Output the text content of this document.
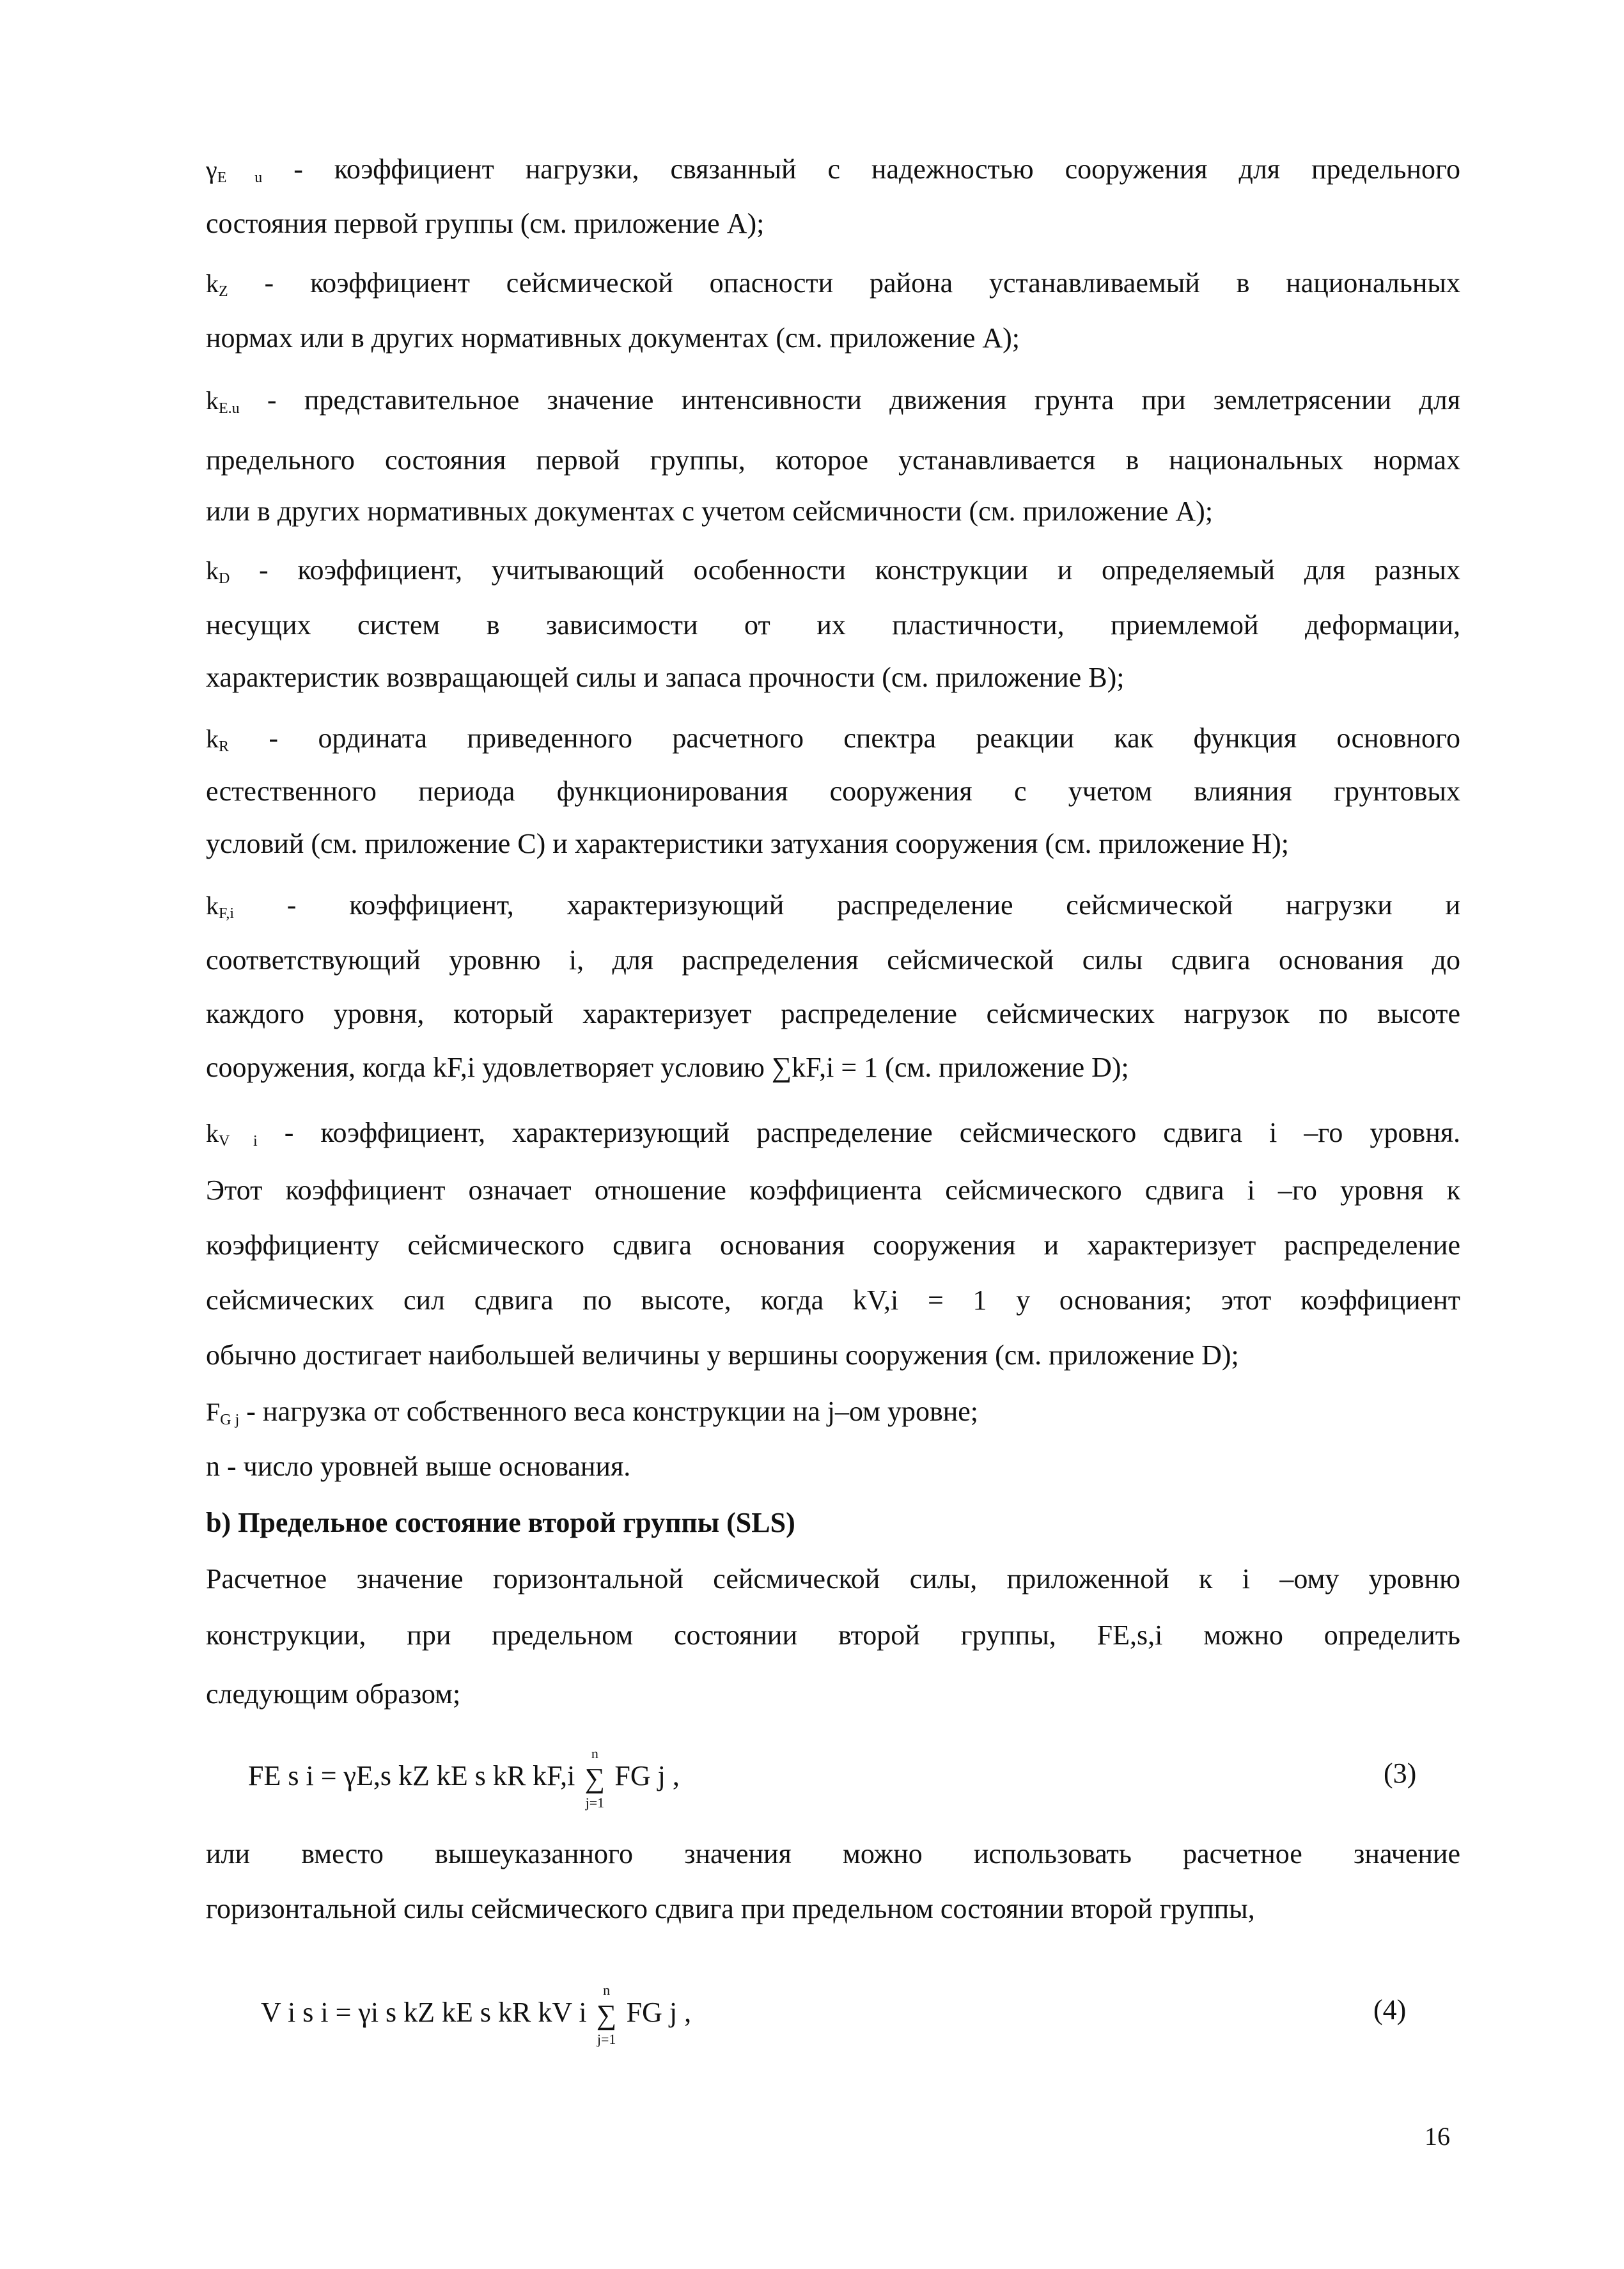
$\gamma_{E u}$ - коэффициент нагрузки, связанный с надежностью сооружения для предельного
состояния первой группы (см. приложение А);
$k_Z$ - коэффициент сейсмической опасности района устанавливаемый в национальных
нормах или в других нормативных документах (см. приложение А);
$k_{E.u}$ - представительное значение интенсивности движения грунта при землетрясении для
предельного состояния первой группы, которое устанавливается в национальных нормах
или в других нормативных документах с учетом сейсмичности (см. приложение А);
$k_D$ - коэффициент, учитывающий особенности конструкции и определяемый для разных
несущих систем в зависимости от их пластичности, приемлемой деформации,
характеристик возвращающей силы и запаса прочности (см. приложение B);
$k_R$ - ордината приведенного расчетного спектра реакции как функция основного
естественного периода функционирования сооружения с учетом влияния грунтовых
условий (см. приложение С) и характеристики затухания сооружения (см. приложение Н);
$k_{F,i}$ - коэффициент, характеризующий распределение сейсмической нагрузки и
соответствующий уровню i, для распределения сейсмической силы сдвига основания до
каждого уровня, который характеризует распределение сейсмических нагрузок по высоте
сооружения, когда kF,i удовлетворяет условию ∑kF,i = 1 (см. приложение D);
$k_{V i}$ - коэффициент, характеризующий распределение сейсмического сдвига i –го уровня.
Этот коэффициент означает отношение коэффициента сейсмического сдвига i –го уровня к
коэффициенту сейсмического сдвига основания сооружения и характеризует распределение
сейсмических сил сдвига по высоте, когда kV,i = 1 у основания; этот коэффициент
обычно достигает наибольшей величины у вершины сооружения (см. приложение D);
$F_{G j}$ - нагрузка от собственного веса конструкции на j–ом уровне;
n - число уровней выше основания.
b) Предельное состояние второй группы (SLS)
Расчетное значение горизонтальной сейсмической силы, приложенной к i –ому уровню
конструкции, при предельном состоянии второй группы, FE,s,i можно определить
следующим образом;
FE s i = γE,s kZ kE s kR kF,i
n
∑
j=1
FG j ,	(3)
или вместо вышеуказанного значения можно использовать расчетное значение
горизонтальной силы сейсмического сдвига при предельном состоянии второй группы,
V i s i = γi s kZ kE s kR kV i
n
∑
j=1
FG j ,	(4)
16
